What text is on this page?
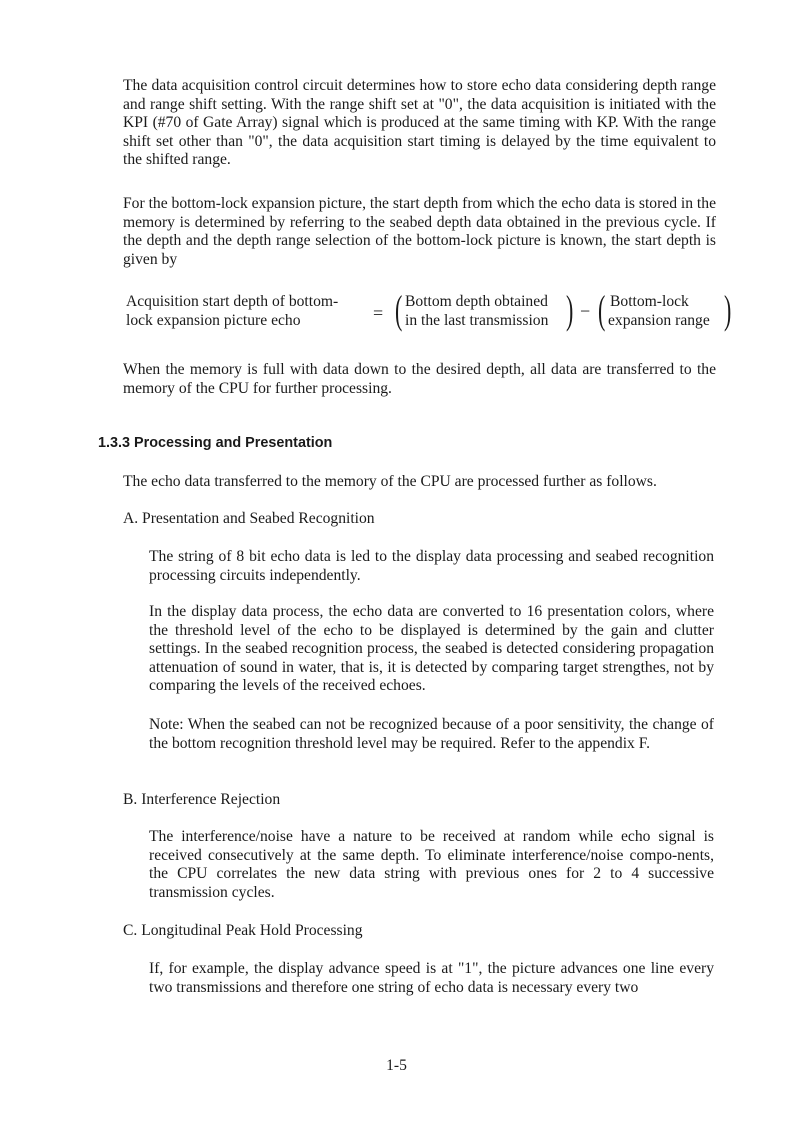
The data acquisition control circuit determines how to store echo data considering depth range and range shift setting. With the range shift set at "0", the data acquisition is initiated with the KPI (#70 of Gate Array) signal which is produced at the same timing with KP. With the range shift set other than "0", the data acquisition start timing is delayed by the time equivalent to the shifted range.

For the bottom-lock expansion picture, the start depth from which the echo data is stored in the memory is determined by referring to the seabed depth data obtained in the previous cycle. If the depth and the depth range selection of the bottom-lock picture is known, the start depth is given by

Acquisition start depth of bottom-
lock expansion picture echo	= ( Bottom depth obtained
in the last transmission ) − ( Bottom-lock
expansion range )

When the memory is full with data down to the desired depth, all data are transferred to the memory of the CPU for further processing.

1.3.3 Processing and Presentation

The echo data transferred to the memory of the CPU are processed further as follows.

A. Presentation and Seabed Recognition

The string of 8 bit echo data is led to the display data processing and seabed recognition processing circuits independently.

In the display data process, the echo data are converted to 16 presentation colors, where the threshold level of the echo to be displayed is determined by the gain and clutter settings. In the seabed recognition process, the seabed is detected considering propagation attenuation of sound in water, that is, it is detected by comparing target strengthes, not by comparing the levels of the received echoes.

Note: When the seabed can not be recognized because of a poor sensitivity, the change of the bottom recognition threshold level may be required. Refer to the appendix F.

B. Interference Rejection

The interference/noise have a nature to be received at random while echo signal is received consecutively at the same depth. To eliminate interference/noise compo-nents, the CPU correlates the new data string with previous ones for 2 to 4 successive transmission cycles.

C. Longitudinal Peak Hold Processing

If, for example, the display advance speed is at "1", the picture advances one line every two transmissions and therefore one string of echo data is necessary every two

1-5
